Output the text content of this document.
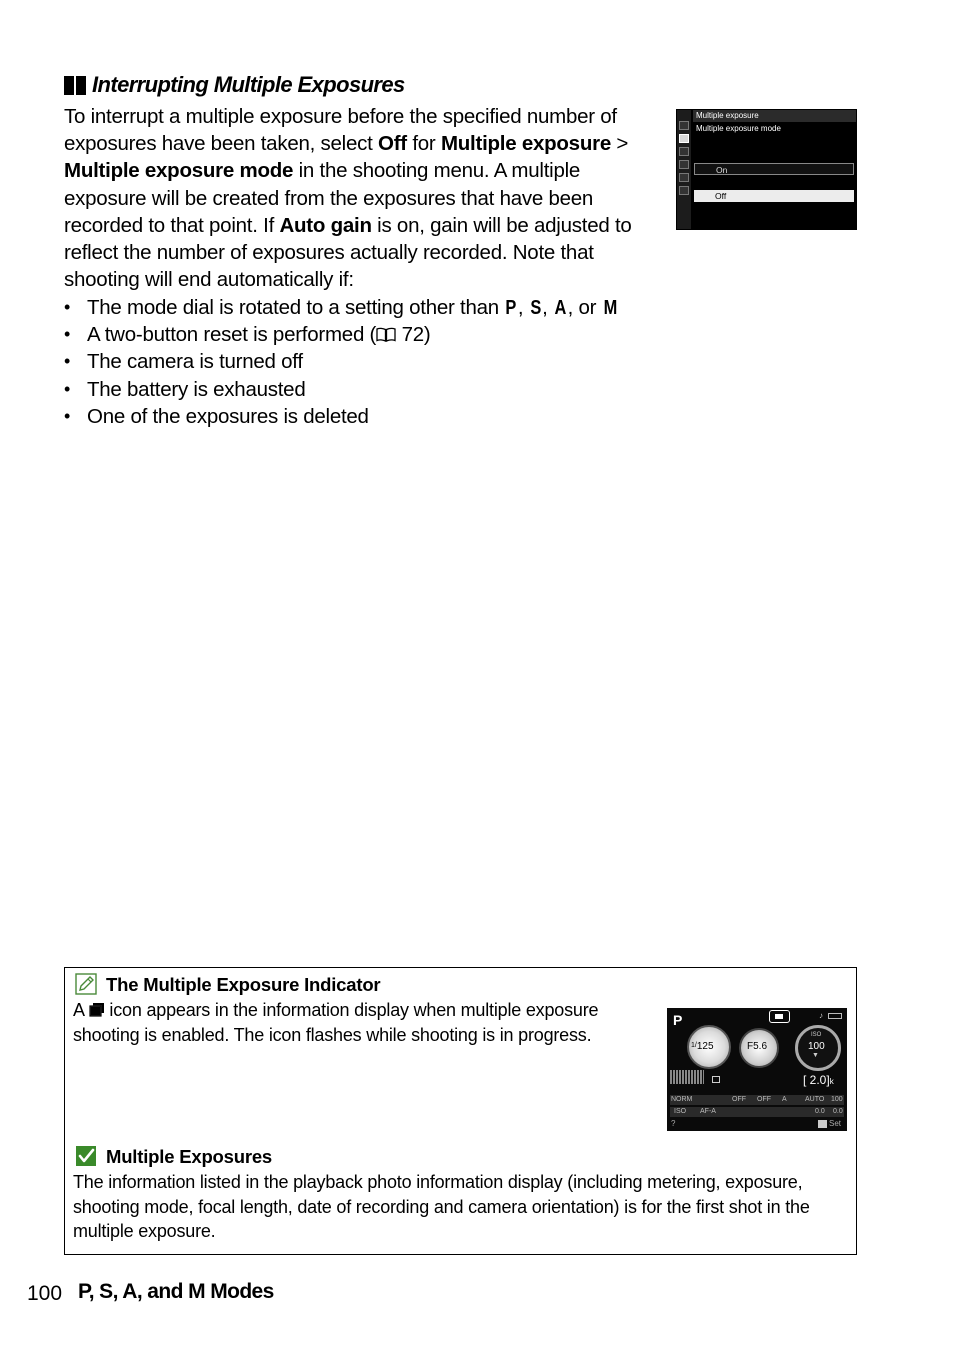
Interrupting Multiple Exposures
To interrupt a multiple exposure before the specified number of exposures have been taken, select Off for Multiple exposure > Multiple exposure mode in the shooting menu. A multiple exposure will be created from the exposures that have been recorded to that point. If Auto gain is on, gain will be adjusted to reflect the number of exposures actually recorded. Note that shooting will end automatically if:
• The mode dial is rotated to a setting other than P, S, A, or M
• A two-button reset is performed ( 72)
• The camera is turned off
• The battery is exhausted
• One of the exposures is deleted
Multiple exposure
Multiple exposure mode
On
Off
The Multiple Exposure Indicator
A  icon appears in the information display when multiple exposure shooting is enabled. The icon flashes while shooting is in progress.
P	♪
$^{1/}$125	F5.6
ISO
100
▼
[ 2.0]k
NORM	OFF OFF A	AUTO 100
ISO AF-A	0.0 0.0
?	Set
Multiple Exposures
The information listed in the playback photo information display (including metering, exposure, shooting mode, focal length, date of recording and camera orientation) is for the first shot in the multiple exposure.
100 P, S, A, and M Modes
